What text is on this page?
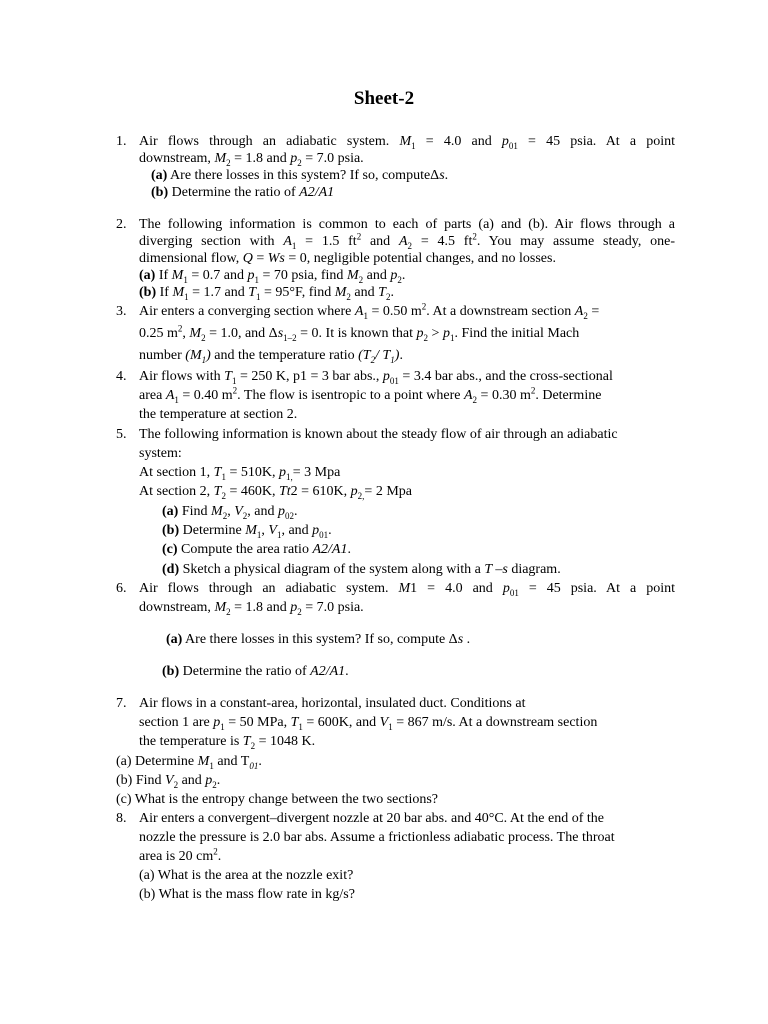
Sheet-2
1. Air flows through an adiabatic system. $M_1 = 4.0$ and $p_{01} = 45$ psia. At a point
downstream, $M_2 = 1.8$ and $p_2 = 7.0$ psia.
(a) Are there losses in this system? If so, computeΔs.
(b) Determine the ratio of A2/A1
2. The following information is common to each of parts (a) and (b). Air flows through a
diverging section with $A_1 = 1.5$ $ft^2$ and $A_2 = 4.5$ $ft^2$. You may assume steady, one-
dimensional flow, Q = Ws = 0, negligible potential changes, and no losses.
(a) If $M_1 = 0.7$ and $p_1 = 70$ psia, find $M_2$ and $p_2$.
(b) If $M_1 = 1.7$ and $T_1 = 95^\circ F$, find $M_2$ and $T_2$.
3. Air enters a converging section where $A_1 = 0.50$ $m^2$. At a downstream section $A_2$ =
0.25 $m^2$, $M_2 = 1.0$, and $\Delta s_{1-2} = 0$. It is known that $p_2 > p_1$. Find the initial Mach
number $(M_1)$ and the temperature ratio ($T_2/$ $T_1$).
4. Air flows with $T_1 = 250$ K, p1 = 3 bar abs., $p_{01} = 3.4$ bar abs., and the cross-sectional
area $A_1 = 0.40$ $m^2$. The flow is isentropic to a point where $A_2 = 0.30$ $m^2$. Determine
the temperature at section 2.
5. The following information is known about the steady flow of air through an adiabatic
system:
At section 1, $T_1 = 510K$, $p_{1,}= 3$ Mpa
At section 2, $T_2 = 460K$, Tt2 = 610K, $p_{2,}= 2$ Mpa
(a) Find $M_2$, $V_2$, and $p_{02}$.
(b) Determine $M_1$, $V_1$, and $p_{01}$.
(c) Compute the area ratio A2/A1.
(d) Sketch a physical diagram of the system along with a T –s diagram.
6. Air flows through an adiabatic system. M1 = 4.0 and $p_{01} = 45$ psia. At a point
downstream, $M_2 = 1.8$ and $p_2 = 7.0$ psia.
(a) Are there losses in this system? If so, compute Δs .
(b) Determine the ratio of A2/A1.
7. Air flows in a constant-area, horizontal, insulated duct. Conditions at
section 1 are $p_1 = 50$ MPa, $T_1 = 600K$, and $V_1 = 867$ m/s. At a downstream section
the temperature is $T_2 = 1048$ K.
(a) Determine $M_1$ and $T_{01}$.
(b) Find $V_2$ and $p_2$.
(c) What is the entropy change between the two sections?
8. Air enters a convergent–divergent nozzle at 20 bar abs. and 40°C. At the end of the
nozzle the pressure is 2.0 bar abs. Assume a frictionless adiabatic process. The throat
area is 20 $cm^2$.
(a) What is the area at the nozzle exit?
(b) What is the mass flow rate in kg/s?
